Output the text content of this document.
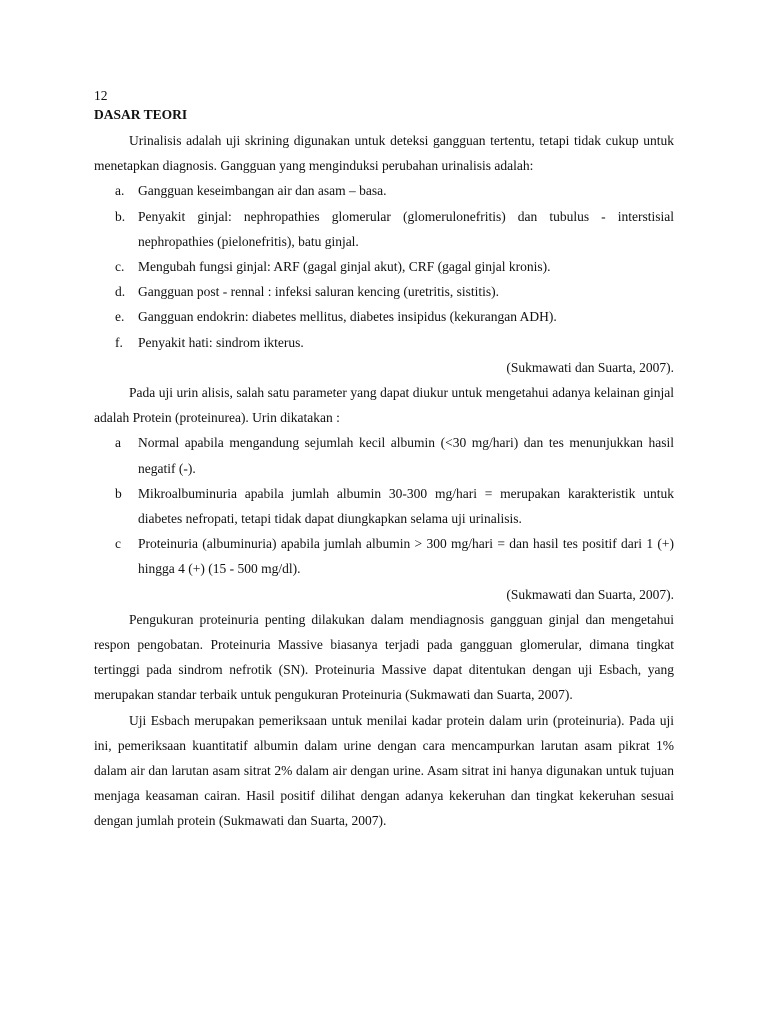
12
DASAR TEORI

Urinalisis adalah uji skrining digunakan untuk deteksi gangguan tertentu, tetapi tidak cukup untuk menetapkan diagnosis. Gangguan yang menginduksi perubahan urinalisis adalah:

a. Gangguan keseimbangan air dan asam – basa.
b. Penyakit ginjal: nephropathies glomerular (glomerulonefritis) dan tubulus - interstisial nephropathies (pielonefritis), batu ginjal.
c. Mengubah fungsi ginjal: ARF (gagal ginjal akut), CRF (gagal ginjal kronis).
d. Gangguan post - rennal : infeksi saluran kencing (uretritis, sistitis).
e. Gangguan endokrin: diabetes mellitus, diabetes insipidus (kekurangan ADH).
f. Penyakit hati: sindrom ikterus.
(Sukmawati dan Suarta, 2007).

Pada uji urin alisis, salah satu parameter yang dapat diukur untuk mengetahui adanya kelainan ginjal adalah Protein (proteinurea). Urin dikatakan :

a Normal apabila mengandung sejumlah kecil albumin (<30 mg/hari) dan tes menunjukkan hasil negatif (-).
b Mikroalbuminuria apabila jumlah albumin 30-300 mg/hari = merupakan karakteristik untuk diabetes nefropati, tetapi tidak dapat diungkapkan selama uji urinalisis.
c Proteinuria (albuminuria) apabila jumlah albumin > 300 mg/hari = dan hasil tes positif dari 1 (+) hingga 4 (+) (15 - 500 mg/dl).
(Sukmawati dan Suarta, 2007).

Pengukuran proteinuria penting dilakukan dalam mendiagnosis gangguan ginjal dan mengetahui respon pengobatan. Proteinuria Massive biasanya terjadi pada gangguan glomerular, dimana tingkat tertinggi pada sindrom nefrotik (SN). Proteinuria Massive dapat ditentukan dengan uji Esbach, yang merupakan standar terbaik untuk pengukuran Proteinuria (Sukmawati dan Suarta, 2007).

Uji Esbach merupakan pemeriksaan untuk menilai kadar protein dalam urin (proteinuria). Pada uji ini, pemeriksaan kuantitatif albumin dalam urine dengan cara mencampurkan larutan asam pikrat 1% dalam air dan larutan asam sitrat 2% dalam air dengan urine. Asam sitrat ini hanya digunakan untuk tujuan menjaga keasaman cairan. Hasil positif dilihat dengan adanya kekeruhan dan tingkat kekeruhan sesuai dengan jumlah protein (Sukmawati dan Suarta, 2007).
